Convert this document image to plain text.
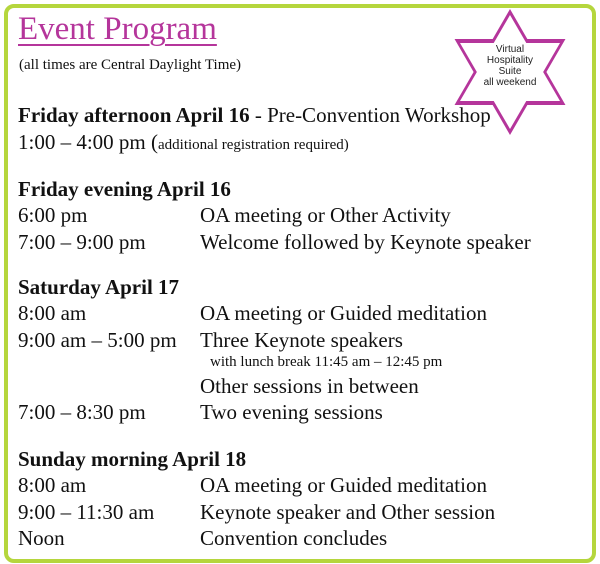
Event Program
(all times are Central Daylight Time)
Virtual
Hospitality
Suite
all weekend
Friday afternoon April 16 - Pre-Convention Workshop
1:00 – 4:00 pm (additional registration required)
Friday evening April 16
6:00 pm	OA meeting or Other Activity
7:00 – 9:00 pm	Welcome followed by Keynote speaker
Saturday April 17
8:00 am	OA meeting or Guided meditation
9:00 am – 5:00 pm Three Keynote speakers
with lunch break 11:45 am – 12:45 pm
Other sessions in between
7:00 – 8:30 pm	Two evening sessions
Sunday morning April 18
8:00 am	OA meeting or Guided meditation
9:00 – 11:30 am Keynote speaker and Other session
Noon	Convention concludes
